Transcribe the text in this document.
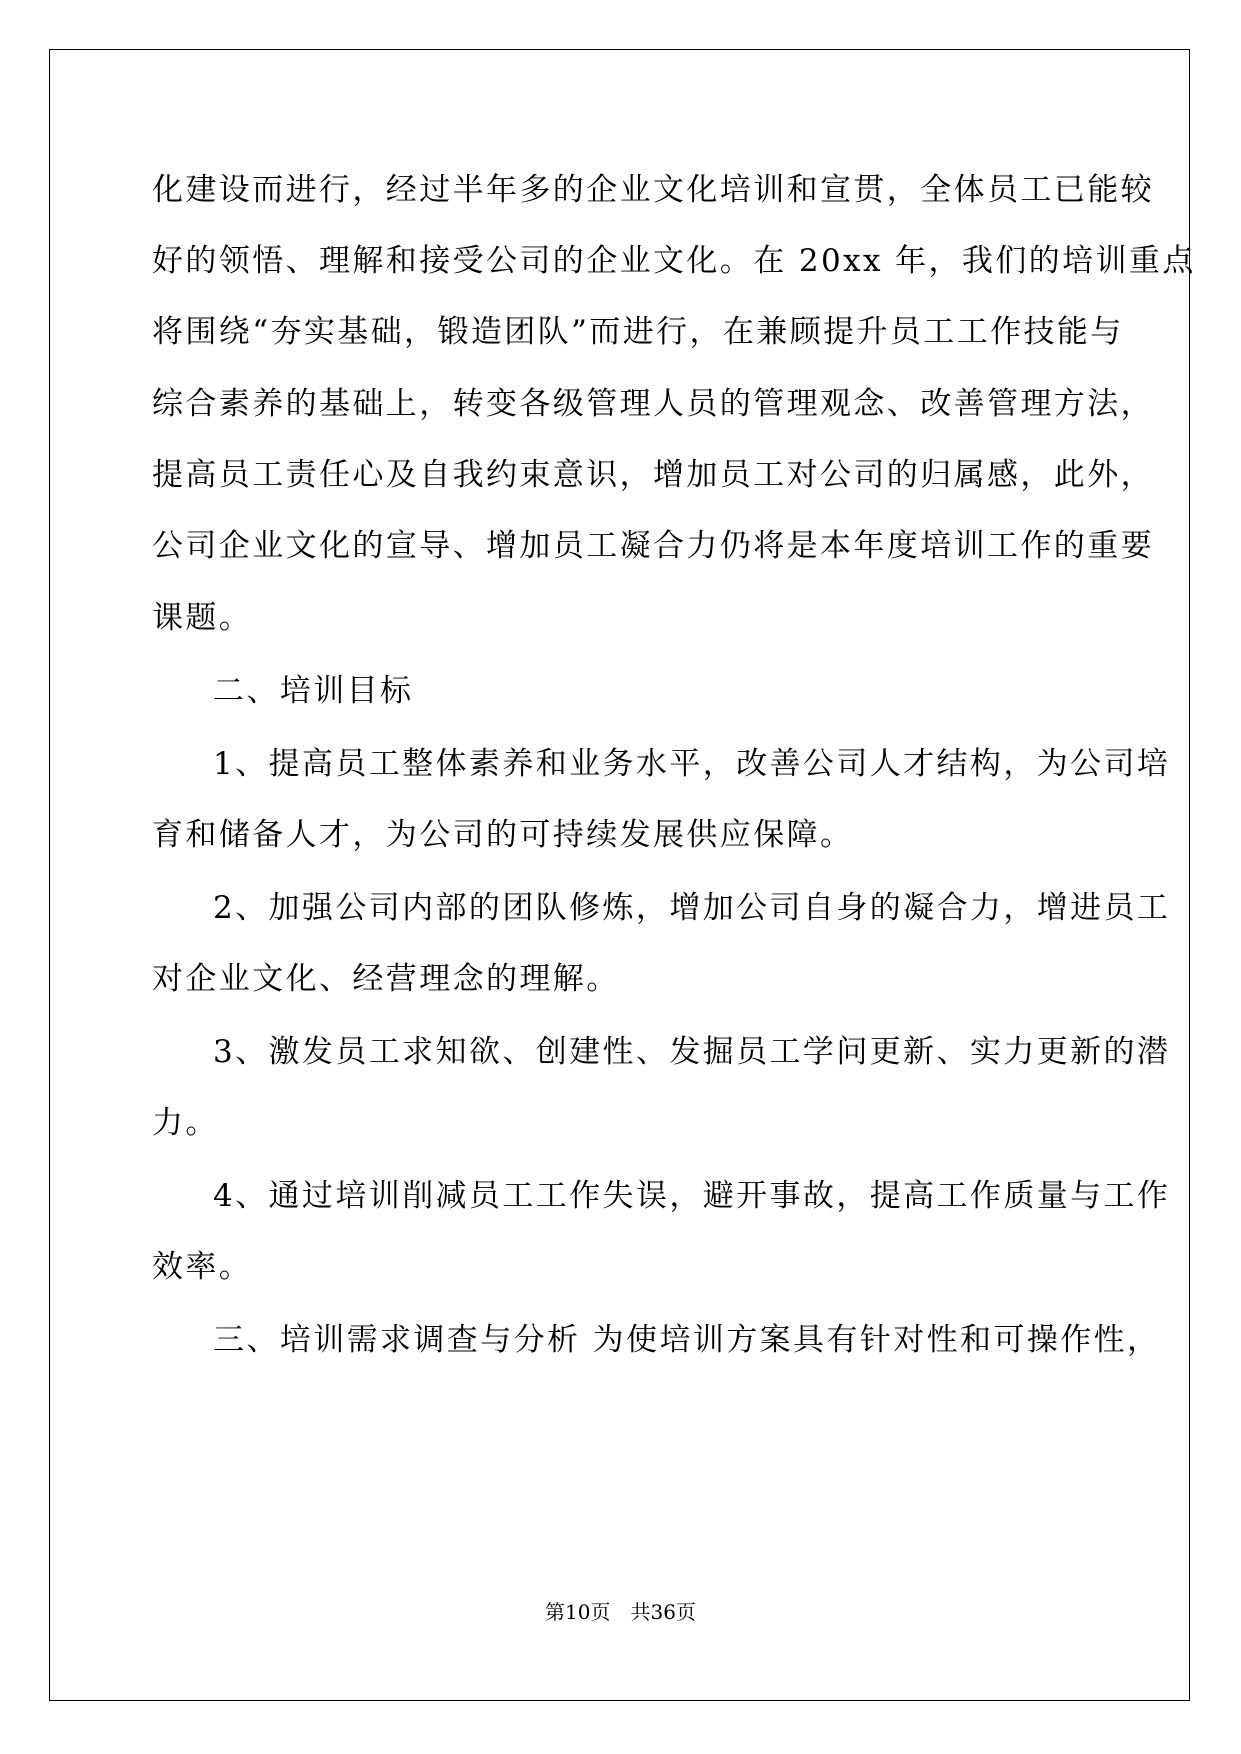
化建设而进行，经过半年多的企业文化培训和宣贯，全体员工已能较
好的领悟、理解和接受公司的企业文化。在 20xx 年，我们的培训重点
将围绕“夯实基础，锻造团队”而进行，在兼顾提升员工工作技能与
综合素养的基础上，转变各级管理人员的管理观念、改善管理方法，
提高员工责任心及自我约束意识，增加员工对公司的归属感，此外，
公司企业文化的宣导、增加员工凝合力仍将是本年度培训工作的重要
课题。
二、培训目标
1、提高员工整体素养和业务水平，改善公司人才结构，为公司培
育和储备人才，为公司的可持续发展供应保障。
2、加强公司内部的团队修炼，增加公司自身的凝合力，增进员工
对企业文化、经营理念的理解。
3、激发员工求知欲、创建性、发掘员工学问更新、实力更新的潜
力。
4、通过培训削减员工工作失误，避开事故，提高工作质量与工作
效率。
三、培训需求调查与分析 为使培训方案具有针对性和可操作性，
第10页　共36页
